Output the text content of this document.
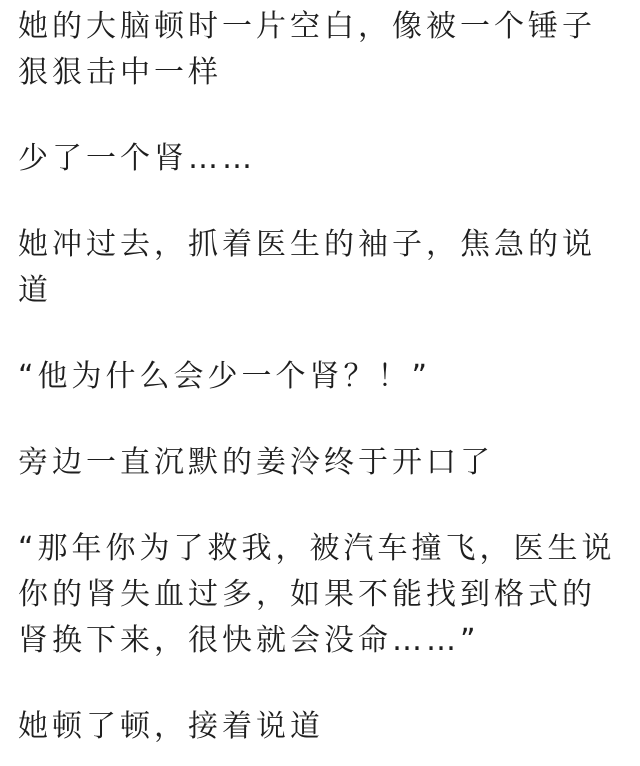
她的大脑顿时一片空白，像被一个锤子狠狠击中一样

少了一个肾……

她冲过去，抓着医生的袖子，焦急的说道

“他为什么会少一个肾？！”

旁边一直沉默的姜泠终于开口了

“那年你为了救我，被汽车撞飞，医生说你的肾失血过多，如果不能找到格式的肾换下来，很快就会没命……”

她顿了顿，接着说道
